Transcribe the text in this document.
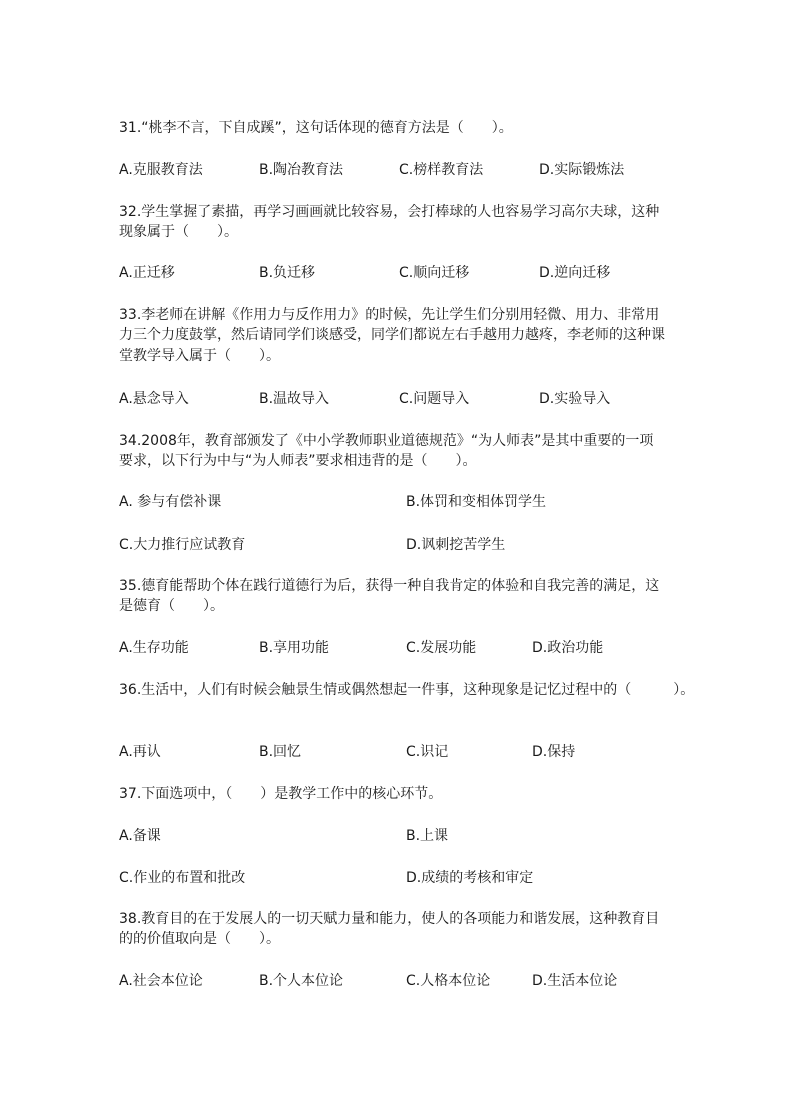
31.“桃李不言，下自成蹊”，这句话体现的德育方法是（　　）。
A.克服教育法	B.陶冶教育法	C.榜样教育法	D.实际锻炼法
32.学生掌握了素描，再学习画画就比较容易，会打棒球的人也容易学习高尔夫球，这种
现象属于（　　）。
A.正迁移	B.负迁移	C.顺向迁移	D.逆向迁移
33.李老师在讲解《作用力与反作用力》的时候，先让学生们分别用轻微、用力、非常用
力三个力度鼓掌，然后请同学们谈感受，同学们都说左右手越用力越疼，李老师的这种课
堂教学导入属于（　　）。
A.悬念导入	B.温故导入	C.问题导入	D.实验导入
34.2008年，教育部颁发了《中小学教师职业道德规范》“为人师表”是其中重要的一项
要求，以下行为中与“为人师表”要求相违背的是（　　）。
A. 参与有偿补课	B.体罚和变相体罚学生
C.大力推行应试教育	D.讽刺挖苦学生
35.德育能帮助个体在践行道德行为后，获得一种自我肯定的体验和自我完善的满足，这
是德育（　　）。
A.生存功能	B.享用功能	C.发展功能	D.政治功能
36.生活中，人们有时候会触景生情或偶然想起一件事，这种现象是记忆过程中的（　　　）。
A.再认	B.回忆	C.识记	D.保持
37.下面选项中，（　　）是教学工作中的核心环节。
A.备课	B.上课
C.作业的布置和批改	D.成绩的考核和审定
38.教育目的在于发展人的一切天赋力量和能力，使人的各项能力和谐发展，这种教育目
的的价值取向是（　　）。
A.社会本位论	B.个人本位论	C.人格本位论	D.生活本位论
